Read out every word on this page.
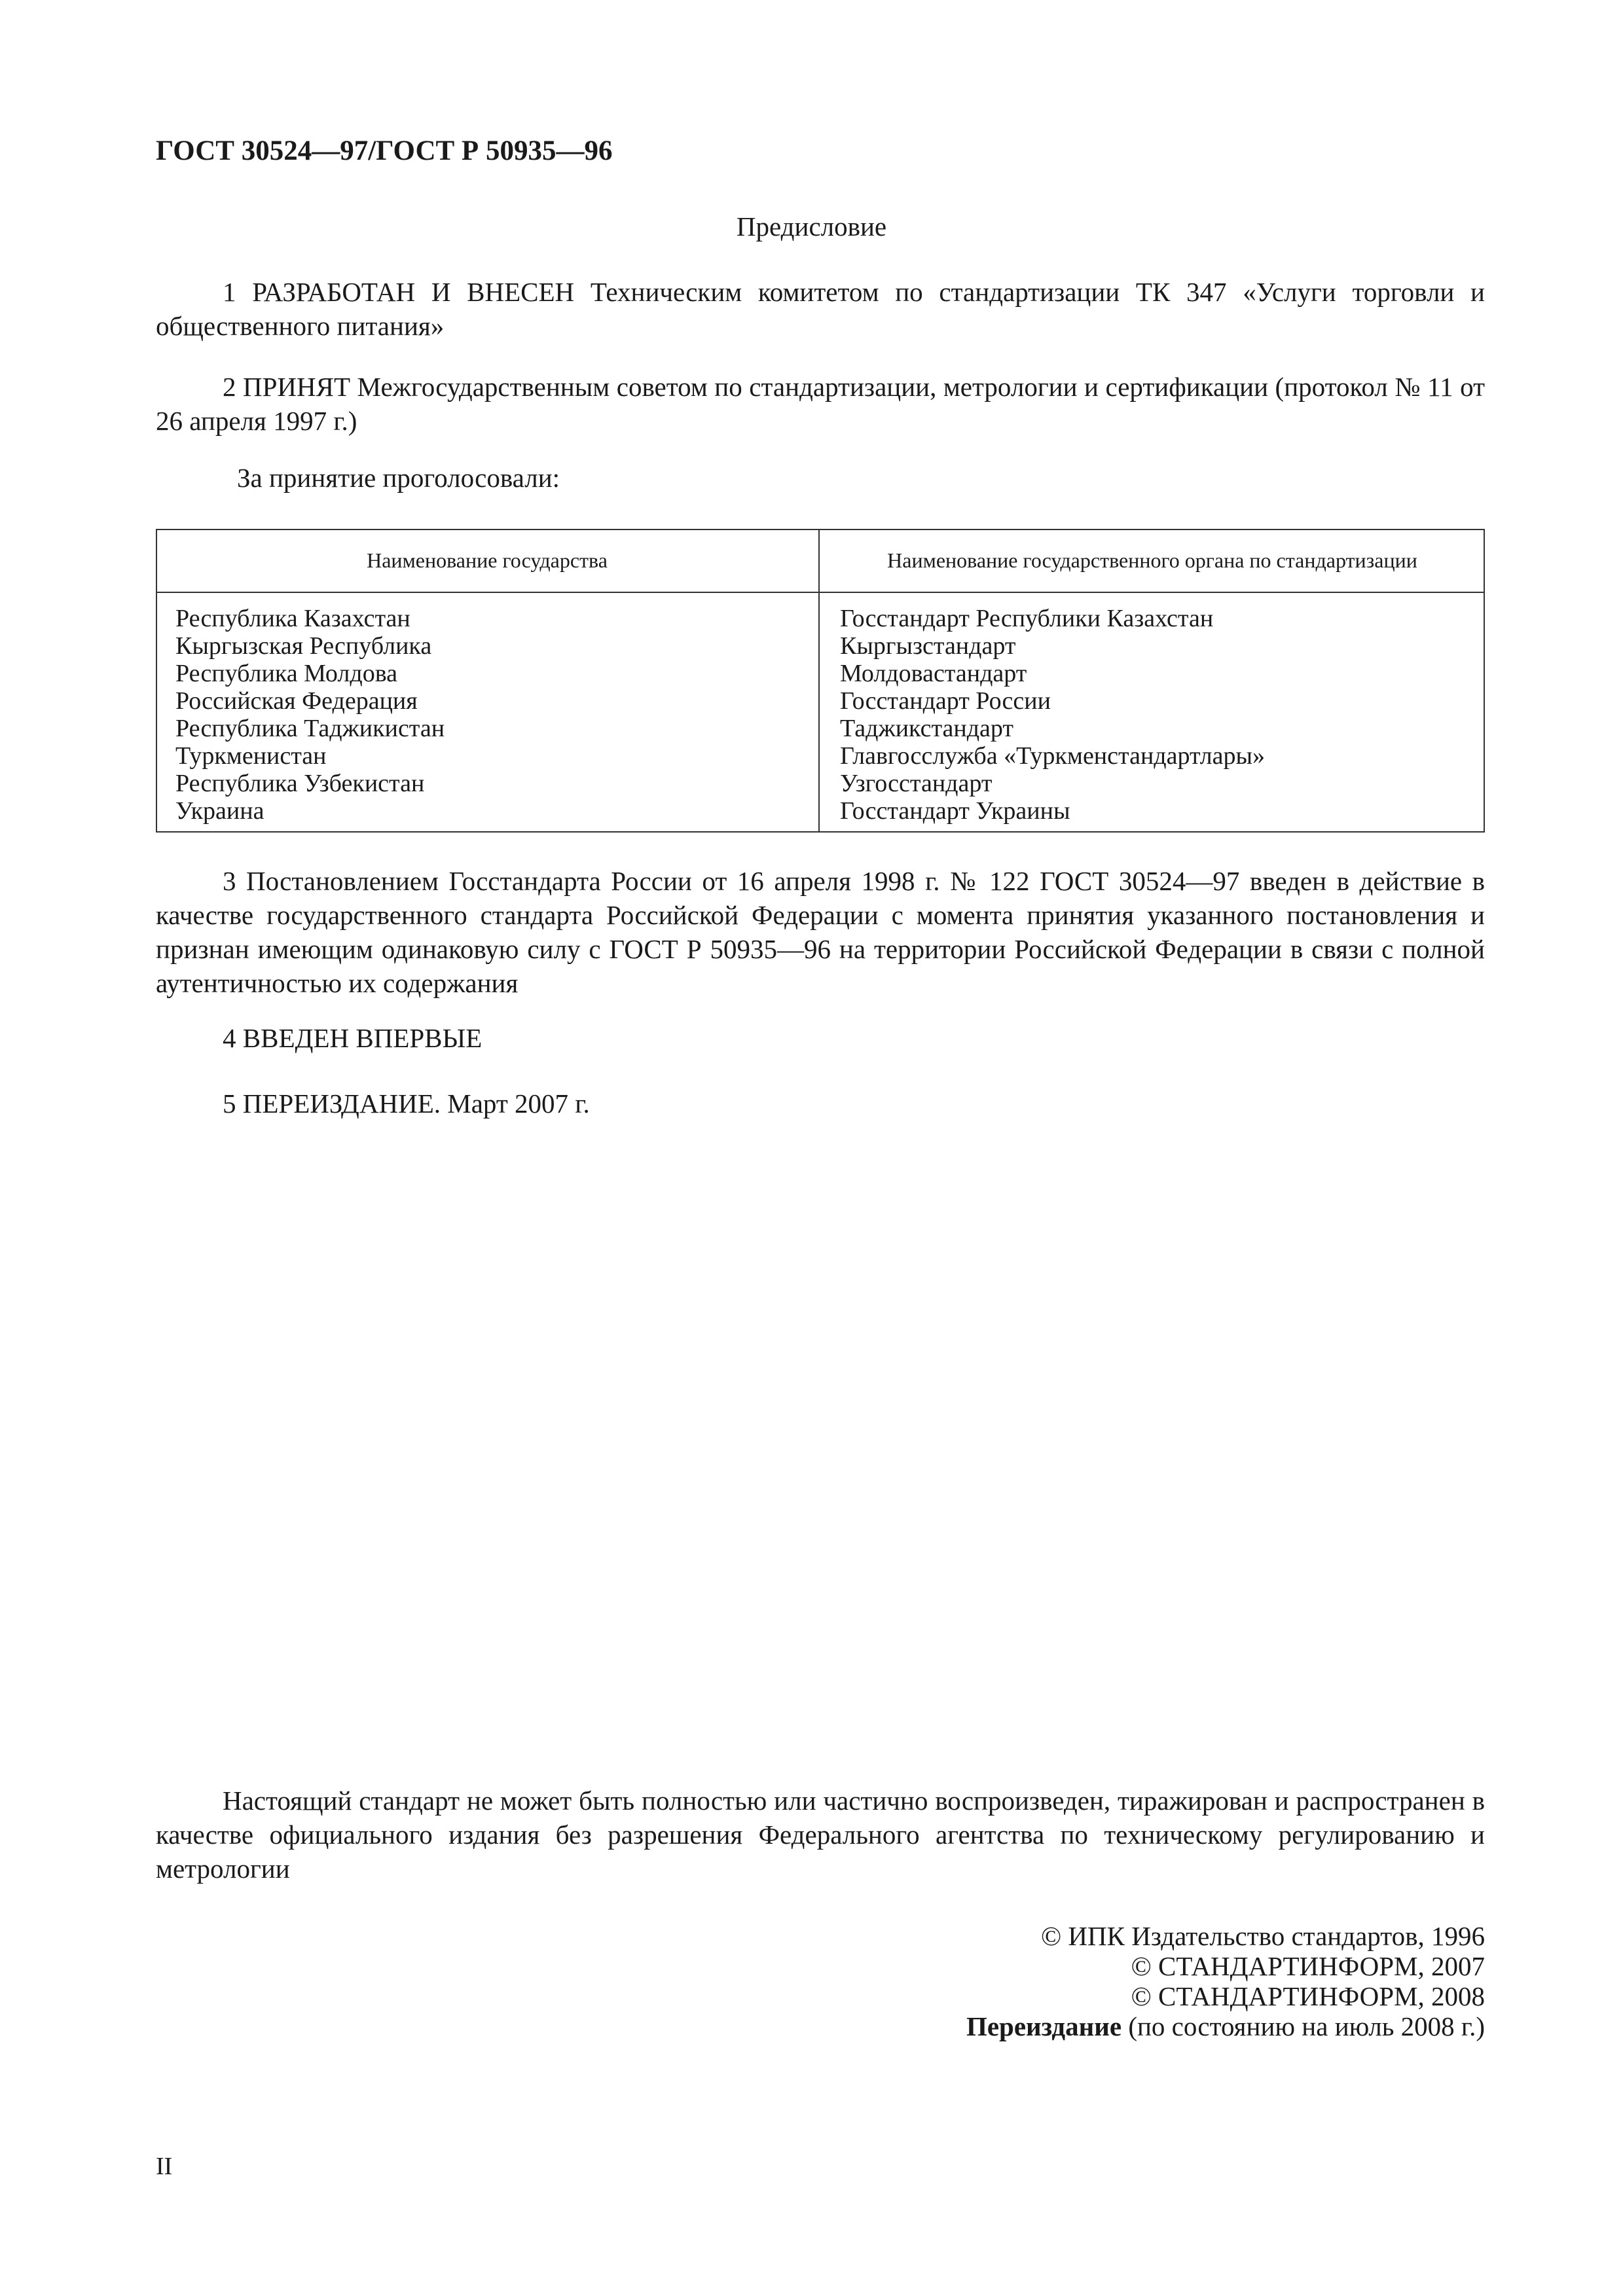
ГОСТ 30524—97/ГОСТ Р 50935—96
Предисловие
1 РАЗРАБОТАН И ВНЕСЕН Техническим комитетом по стандартизации ТК 347 «Услуги торговли и общественного питания»
2 ПРИНЯТ Межгосударственным советом по стандартизации, метрологии и сертификации (протокол № 11 от 26 апреля 1997 г.)
За принятие проголосовали:
Наименование государства	Наименование государственного органа по стандартизации
Республика Казахстан
Кыргызская Республика
Республика Молдова
Российская Федерация
Республика Таджикистан
Туркменистан
Республика Узбекистан
Украина
Госстандарт Республики Казахстан
Кыргызстандарт
Молдовастандарт
Госстандарт России
Таджикстандарт
Главгосслужба «Туркменстандартлары»
Узгосстандарт
Госстандарт Украины
3 Постановлением Госстандарта России от 16 апреля 1998 г. № 122 ГОСТ 30524—97 введен в действие в качестве государственного стандарта Российской Федерации с момента принятия указанного постановления и признан имеющим одинаковую силу с ГОСТ Р 50935—96 на территории Российской Федерации в связи с полной аутентичностью их содержания
4 ВВЕДЕН ВПЕРВЫЕ
5 ПЕРЕИЗДАНИЕ. Март 2007 г.
Настоящий стандарт не может быть полностью или частично воспроизведен, тиражирован и распространен в качестве официального издания без разрешения Федерального агентства по техническому регулированию и метрологии
© ИПК Издательство стандартов, 1996
© СТАНДАРТИНФОРМ, 2007
© СТАНДАРТИНФОРМ, 2008
Переиздание (по состоянию на июль 2008 г.)
II
